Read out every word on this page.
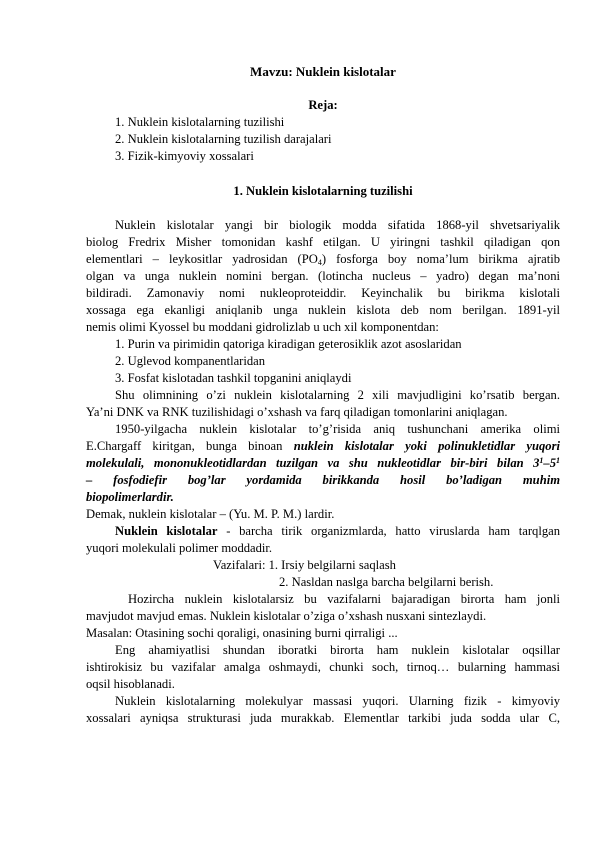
Mavzu: Nuklein kislotalar
Reja:
1. Nuklein kislotalarning tuzilishi
2. Nuklein kislotalarning tuzilish darajalari
3. Fizik-kimyoviy xossalari
1. Nuklein kislotalarning tuzilishi
Nuklein kislotalar yangi bir biologik modda sifatida 1868-yil shvetsariyalik
biolog Fredrix Misher tomonidan kashf etilgan. U yiringni tashkil qiladigan qon
elementlari – leykositlar yadrosidan $(PO_4)$ fosforga boy noma’lum birikma ajratib
olgan va unga nuklein nomini bergan. (lotincha nucleus – yadro) degan ma’noni
bildiradi. Zamonaviy nomi nukleoproteiddir. Keyinchalik bu birikma kislotali
xossaga ega ekanligi aniqlanib unga nuklein kislota deb nom berilgan. 1891-yil
nemis olimi Kyossel bu moddani gidrolizlab u uch xil komponentdan:
1. Purin va pirimidin qatoriga kiradigan geterosiklik azot asoslaridan
2. Uglevod kompanentlaridan
3. Fosfat kislotadan tashkil topganini aniqlaydi
Shu olimnining o’zi nuklein kislotalarning 2 xili mavjudligini ko’rsatib bergan.
Ya’ni DNK va RNK tuzilishidagi o’xshash va farq qiladigan tomonlarini aniqlagan.
1950-yilgacha nuklein kislotalar to’g’risida aniq tushunchani amerika olimi
E.Chargaff kiritgan, bunga binoan nuklein kislotalar yoki polinukletidlar yuqori
molekulali, mononukleotidlardan tuzilgan va shu nukleotidlar bir-biri bilan $3^1-5^1$
– fosfodiefir bog’lar yordamida birikkanda hosil bo’ladigan muhim
biopolimerlardir.
Demak, nuklein kislotalar – (Yu. M. P. M.) lardir.
Nuklein kislotalar - barcha tirik organizmlarda, hatto viruslarda ham tarqlgan
yuqori molekulali polimer moddadir.
Vazifalari: 1. Irsiy belgilarni saqlash
2. Nasldan naslga barcha belgilarni berish.
Hozircha nuklein kislotalarsiz bu vazifalarni bajaradigan birorta ham jonli
mavjudot mavjud emas. Nuklein kislotalar o’ziga o’xshash nusxani sintezlaydi.
Masalan: Otasining sochi qoraligi, onasining burni qirraligi ...
Eng ahamiyatlisi shundan iboratki birorta ham nuklein kislotalar oqsillar
ishtirokisiz bu vazifalar amalga oshmaydi, chunki soch, tirnoq… bularning hammasi
oqsil hisoblanadi.
Nuklein kislotalarning molekulyar massasi yuqori. Ularning fizik - kimyoviy
xossalari ayniqsa strukturasi juda murakkab. Elementlar tarkibi juda sodda ular C,
